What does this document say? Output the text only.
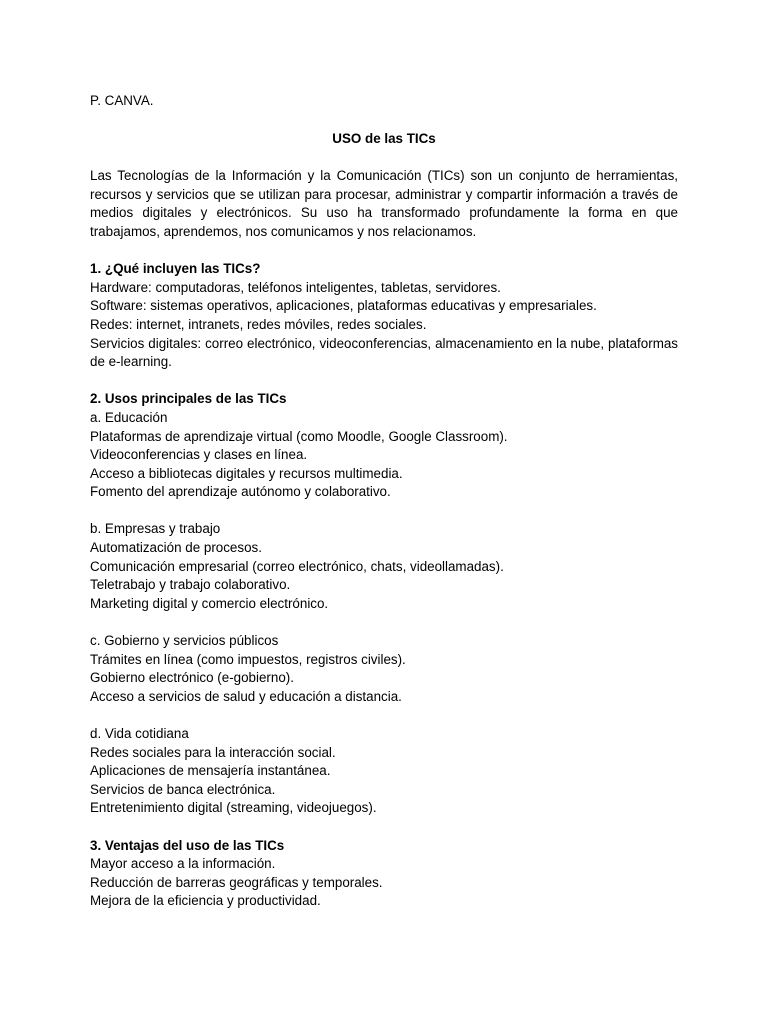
P. CANVA.
USO de las TICs

Las Tecnologías de la Información y la Comunicación (TICs) son un conjunto de herramientas, recursos y servicios que se utilizan para procesar, administrar y compartir información a través de medios digitales y electrónicos. Su uso ha transformado profundamente la forma en que trabajamos, aprendemos, nos comunicamos y nos relacionamos.

1. ¿Qué incluyen las TICs?
Hardware: computadoras, teléfonos inteligentes, tabletas, servidores.
Software: sistemas operativos, aplicaciones, plataformas educativas y empresariales.
Redes: internet, intranets, redes móviles, redes sociales.
Servicios digitales: correo electrónico, videoconferencias, almacenamiento en la nube, plataformas de e-learning.
2. Usos principales de las TICs
a. Educación
Plataformas de aprendizaje virtual (como Moodle, Google Classroom).
Videoconferencias y clases en línea.
Acceso a bibliotecas digitales y recursos multimedia.
Fomento del aprendizaje autónomo y colaborativo.
b. Empresas y trabajo
Automatización de procesos.
Comunicación empresarial (correo electrónico, chats, videollamadas).
Teletrabajo y trabajo colaborativo.
Marketing digital y comercio electrónico.
c. Gobierno y servicios públicos
Trámites en línea (como impuestos, registros civiles).
Gobierno electrónico (e-gobierno).
Acceso a servicios de salud y educación a distancia.
d. Vida cotidiana
Redes sociales para la interacción social.
Aplicaciones de mensajería instantánea.
Servicios de banca electrónica.
Entretenimiento digital (streaming, videojuegos).
3. Ventajas del uso de las TICs
Mayor acceso a la información.
Reducción de barreras geográficas y temporales.
Mejora de la eficiencia y productividad.
